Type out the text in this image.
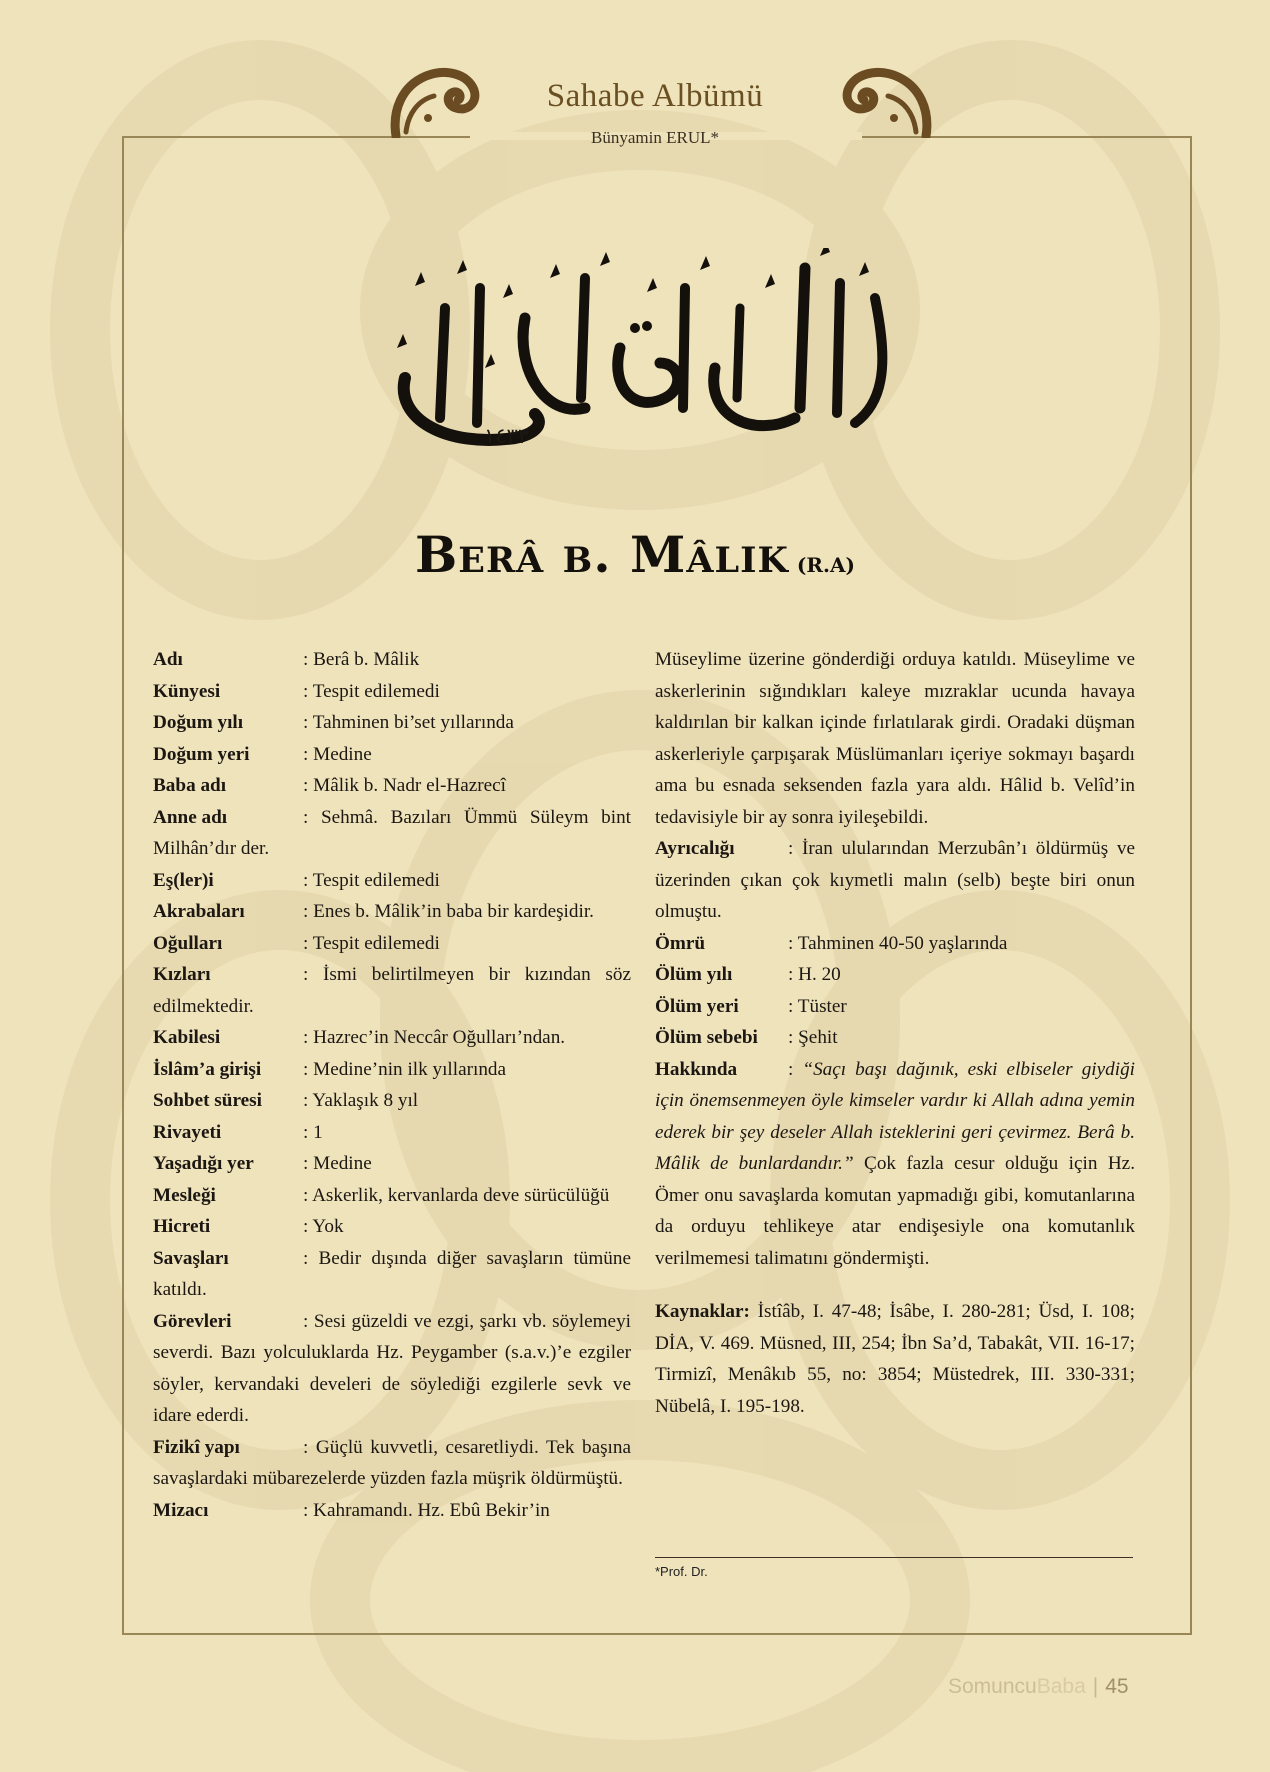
Sahabe Albümü
Bünyamin ERUL*
١٤٣٣
Berâ b. Mâlik (R.A)

Adı	: Berâ b. Mâlik

Künyesi	: Tespit edilemedi

Doğum yılı	: Tahminen bi’set yıllarında

Doğum yeri	: Medine

Baba adı	: Mâlik b. Nadr el-Hazrecî

Anne adı	: Sehmâ. Bazıları Ümmü Süleym bint Milhân’dır der.

Eş(ler)i	: Tespit edilemedi

Akrabaları	: Enes b. Mâlik’in baba bir kardeşidir.

Oğulları	: Tespit edilemedi

Kızları	: İsmi belirtilmeyen bir kızından söz edilmektedir.

Kabilesi	: Hazrec’in Neccâr Oğulları’ndan.

İslâm’a girişi : Medine’nin ilk yıllarında

Sohbet süresi : Yaklaşık 8 yıl

Rivayeti	: 1

Yaşadığı yer	: Medine

Mesleği	: Askerlik, kervanlarda deve sürücülüğü

Hicreti	: Yok

Savaşları	: Bedir dışında diğer savaşların tümüne katıldı.

Görevleri	: Sesi güzeldi ve ezgi, şarkı vb. söylemeyi severdi. Bazı yolculuklarda Hz. Peygamber (s.a.v.)’e ezgiler söyler, kervandaki develeri de söylediği ezgilerle sevk ve idare ederdi.

Fizikî yapı	: Güçlü kuvvetli, cesaretliydi. Tek başına savaşlardaki mübarezelerde yüzden fazla müşrik öldürmüştü.

Mizacı	: Kahramandı. Hz. Ebû Bekir’in

Müseylime üzerine gönderdiği orduya katıldı. Müseylime ve askerlerinin sığındıkları kaleye mızraklar ucunda havaya kaldırılan bir kalkan içinde fırlatılarak girdi. Oradaki düşman askerleriyle çarpışarak Müslümanları içeriye sokmayı başardı ama bu esnada seksenden fazla yara aldı. Hâlid b. Velîd’in tedavisiyle bir ay sonra iyileşebildi.

Ayrıcalığı	: İran ulularından Merzubân’ı öldürmüş ve üzerinden çıkan çok kıymetli malın (selb) beşte biri onun olmuştu.

Ömrü	: Tahminen 40-50 yaşlarında

Ölüm yılı	: H. 20

Ölüm yeri	: Tüster

Ölüm sebebi : Şehit

Hakkında	: “Saçı başı dağınık, eski elbiseler giydiği için önemsenmeyen öyle kimseler vardır ki Allah adına yemin ederek bir şey deseler Allah isteklerini geri çevirmez. Berâ b. Mâlik de bunlardandır.” Çok fazla cesur olduğu için Hz. Ömer onu savaşlarda komutan yapmadığı gibi, komutanlarına da orduyu tehlikeye atar endişesiyle ona komutanlık verilmemesi talimatını göndermişti.

Kaynaklar: İstîâb, I. 47-48; İsâbe, I. 280-281; Üsd, I. 108; DİA, V. 469. Müsned, III, 254; İbn Sa’d, Tabakât, VII. 16-17; Tirmizî, Menâkıb 55, no: 3854; Müstedrek, III. 330-331; Nübelâ, I. 195-198.

*Prof. Dr.
SomuncuBaba | 45
